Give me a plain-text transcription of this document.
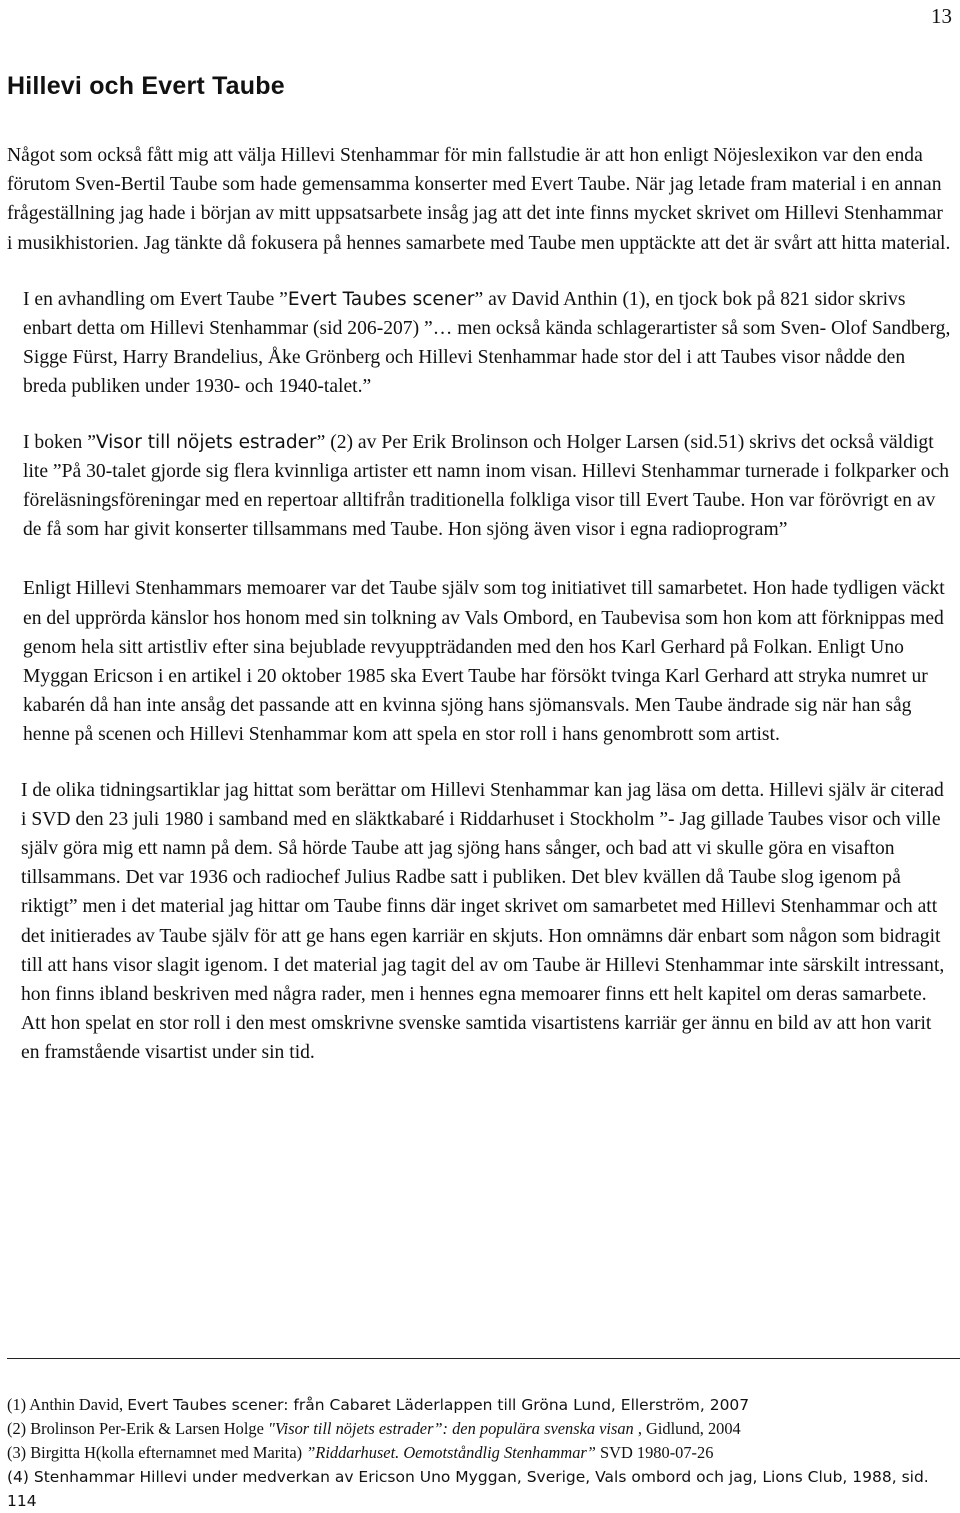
13
Hillevi och Evert Taube

Något som också fått mig att välja Hillevi Stenhammar för min fallstudie är att hon enligt Nöjeslexikon var den enda förutom Sven-Bertil Taube som hade gemensamma konserter med Evert Taube. När jag letade fram material i en annan frågeställning jag hade i början av mitt uppsatsarbete insåg jag att det inte finns mycket skrivet om Hillevi Stenhammar i musikhistorien. Jag tänkte då fokusera på hennes samarbete med Taube men upptäckte att det är svårt att hitta material.

I en avhandling om Evert Taube ”Evert Taubes scener” av David Anthin (1), en tjock bok på 821 sidor skrivs enbart detta om Hillevi Stenhammar (sid 206-207) ”… men också kända schlagerartister så som Sven- Olof Sandberg, Sigge Fürst, Harry Brandelius, Åke Grönberg och Hillevi Stenhammar hade stor del i att Taubes visor nådde den breda publiken under 1930- och 1940-talet.”

I boken ”Visor till nöjets estrader” (2) av Per Erik Brolinson och Holger Larsen (sid.51) skrivs det också väldigt lite ”På 30-talet gjorde sig flera kvinnliga artister ett namn inom visan. Hillevi Stenhammar turnerade i folkparker och föreläsningsföreningar med en repertoar alltifrån traditionella folkliga visor till Evert Taube. Hon var förövrigt en av de få som har givit konserter tillsammans med Taube. Hon sjöng även visor i egna radioprogram”

Enligt Hillevi Stenhammars memoarer var det Taube själv som tog initiativet till samarbetet. Hon hade tydligen väckt en del upprörda känslor hos honom med sin tolkning av Vals Ombord, en Taubevisa som hon kom att förknippas med genom hela sitt artistliv efter sina bejublade revyuppträdanden med den hos Karl Gerhard på Folkan. Enligt Uno Myggan Ericson i en artikel i 20 oktober 1985 ska Evert Taube har försökt tvinga Karl Gerhard att stryka numret ur kabarén då han inte ansåg det passande att en kvinna sjöng hans sjömansvals. Men Taube ändrade sig när han såg henne på scenen och Hillevi Stenhammar kom att spela en stor roll i hans genombrott som artist.

I de olika tidningsartiklar jag hittat som berättar om Hillevi Stenhammar kan jag läsa om detta. Hillevi själv är citerad i SVD den 23 juli 1980 i samband med en släktkabaré i Riddarhuset i Stockholm ”- Jag gillade Taubes visor och ville själv göra mig ett namn på dem. Så hörde Taube att jag sjöng hans sånger, och bad att vi skulle göra en visafton tillsammans. Det var 1936 och radiochef Julius Radbe satt i publiken. Det blev kvällen då Taube slog igenom på riktigt” men i det material jag hittar om Taube finns där inget skrivet om samarbetet med Hillevi Stenhammar och att det initierades av Taube själv för att ge hans egen karriär en skjuts. Hon omnämns där enbart som någon som bidragit till att hans visor slagit igenom. I det material jag tagit del av om Taube är Hillevi Stenhammar inte särskilt intressant, hon finns ibland beskriven med några rader, men i hennes egna memoarer finns ett helt kapitel om deras samarbete. Att hon spelat en stor roll i den mest omskrivne svenske samtida visartistens karriär ger ännu en bild av att hon varit en framstående visartist under sin tid.

(1) Anthin David, Evert Taubes scener: från Cabaret Läderlappen till Gröna Lund, Ellerström, 2007

(2) Brolinson Per-Erik & Larsen Holge "Visor till nöjets estrader”: den populära svenska visan , Gidlund, 2004

(3) Birgitta H(kolla efternamnet med Marita) ”Riddarhuset. Oemotståndlig Stenhammar” SVD 1980-07-26

(4) Stenhammar Hillevi under medverkan av Ericson Uno Myggan, Sverige, Vals ombord och jag, Lions Club, 1988, sid. 114
